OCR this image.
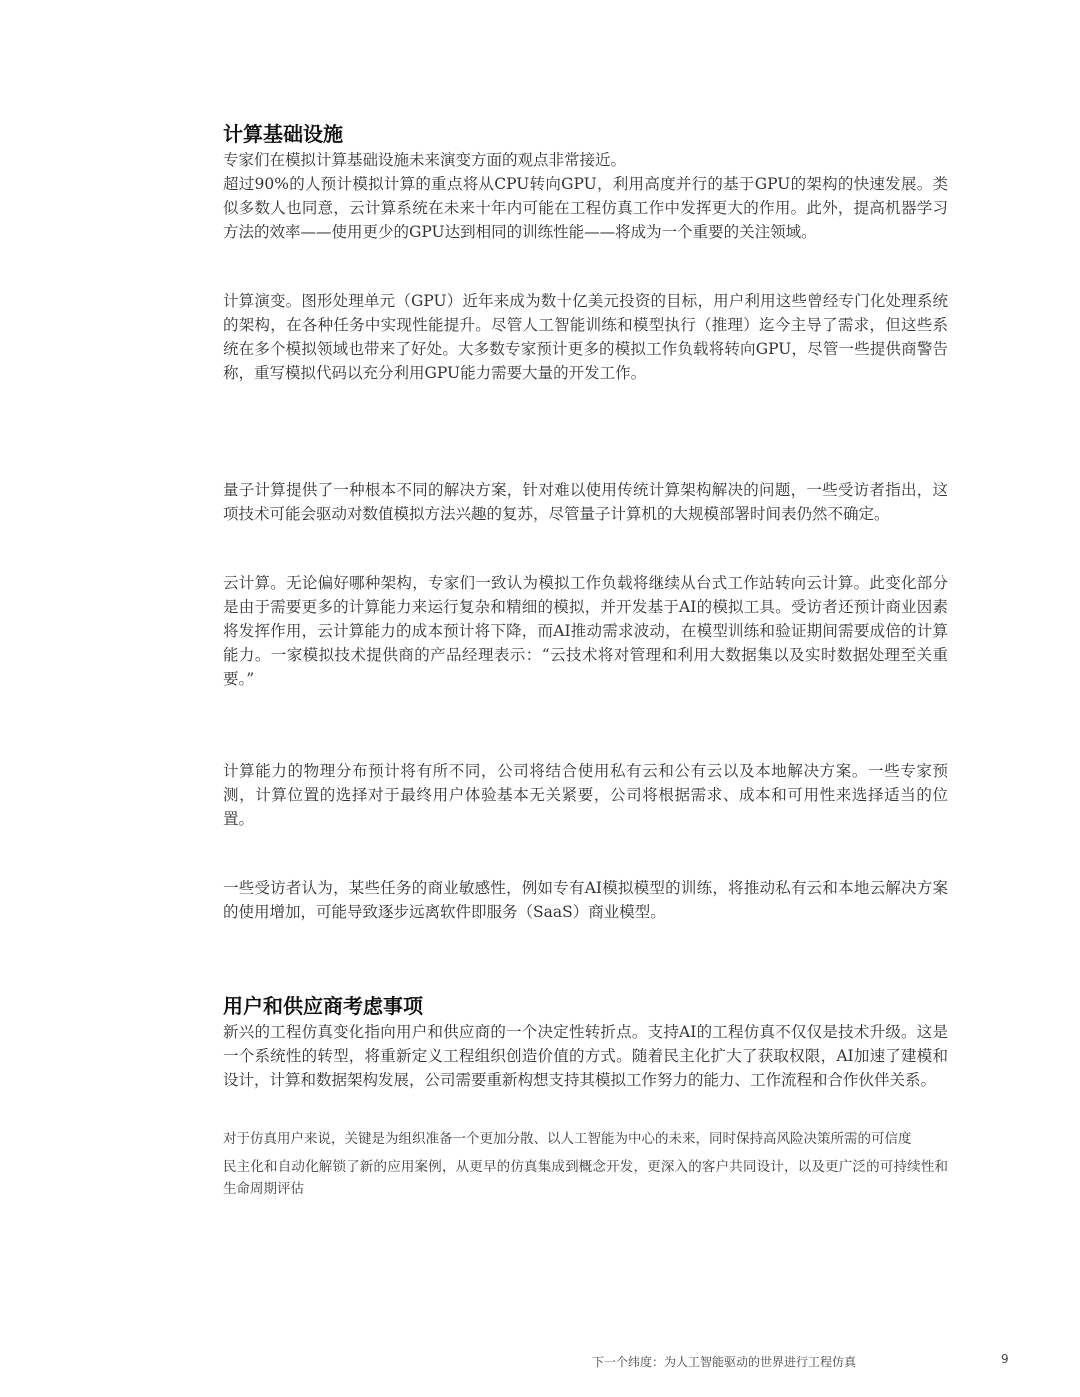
计算基础设施

专家们在模拟计算基础设施未来演变方面的观点非常接近。

超过90%的人预计模拟计算的重点将从CPU转向GPU，利用高度并行的基于GPU的架构的快速发展。类似多数人也同意，云计算系统在未来十年内可能在工程仿真工作中发挥更大的作用。此外，提高机器学习方法的效率——使用更少的GPU达到相同的训练性能——将成为一个重要的关注领域。

计算演变。图形处理单元（GPU）近年来成为数十亿美元投资的目标，用户利用这些曾经专门化处理系统的架构，在各种任务中实现性能提升。尽管人工智能训练和模型执行（推理）迄今主导了需求，但这些系统在多个模拟领域也带来了好处。大多数专家预计更多的模拟工作负载将转向GPU，尽管一些提供商警告称，重写模拟代码以充分利用GPU能力需要大量的开发工作。

量子计算提供了一种根本不同的解决方案，针对难以使用传统计算架构解决的问题，一些受访者指出，这项技术可能会驱动对数值模拟方法兴趣的复苏，尽管量子计算机的大规模部署时间表仍然不确定。

云计算。无论偏好哪种架构，专家们一致认为模拟工作负载将继续从台式工作站转向云计算。此变化部分是由于需要更多的计算能力来运行复杂和精细的模拟，并开发基于AI的模拟工具。受访者还预计商业因素将发挥作用，云计算能力的成本预计将下降，而AI推动需求波动，在模型训练和验证期间需要成倍的计算能力。一家模拟技术提供商的产品经理表示：“云技术将对管理和利用大数据集以及实时数据处理至关重要。”

计算能力的物理分布预计将有所不同，公司将结合使用私有云和公有云以及本地解决方案。一些专家预测，计算位置的选择对于最终用户体验基本无关紧要，公司将根据需求、成本和可用性来选择适当的位置。

一些受访者认为，某些任务的商业敏感性，例如专有AI模拟模型的训练，将推动私有云和本地云解决方案的使用增加，可能导致逐步远离软件即服务（SaaS）商业模型。

用户和供应商考虑事项

新兴的工程仿真变化指向用户和供应商的一个决定性转折点。支持AI的工程仿真不仅仅是技术升级。这是一个系统性的转型，将重新定义工程组织创造价值的方式。随着民主化扩大了获取权限，AI加速了建模和设计，计算和数据架构发展，公司需要重新构想支持其模拟工作努力的能力、工作流程和合作伙伴关系。

对于仿真用户来说，关键是为组织准备一个更加分散、以人工智能为中心的未来，同时保持高风险决策所需的可信度

民主化和自动化解锁了新的应用案例，从更早的仿真集成到概念开发，更深入的客户共同设计，以及更广泛的可持续性和生命周期评估

下一个纬度：为人工智能驱动的世界进行工程仿真	9
